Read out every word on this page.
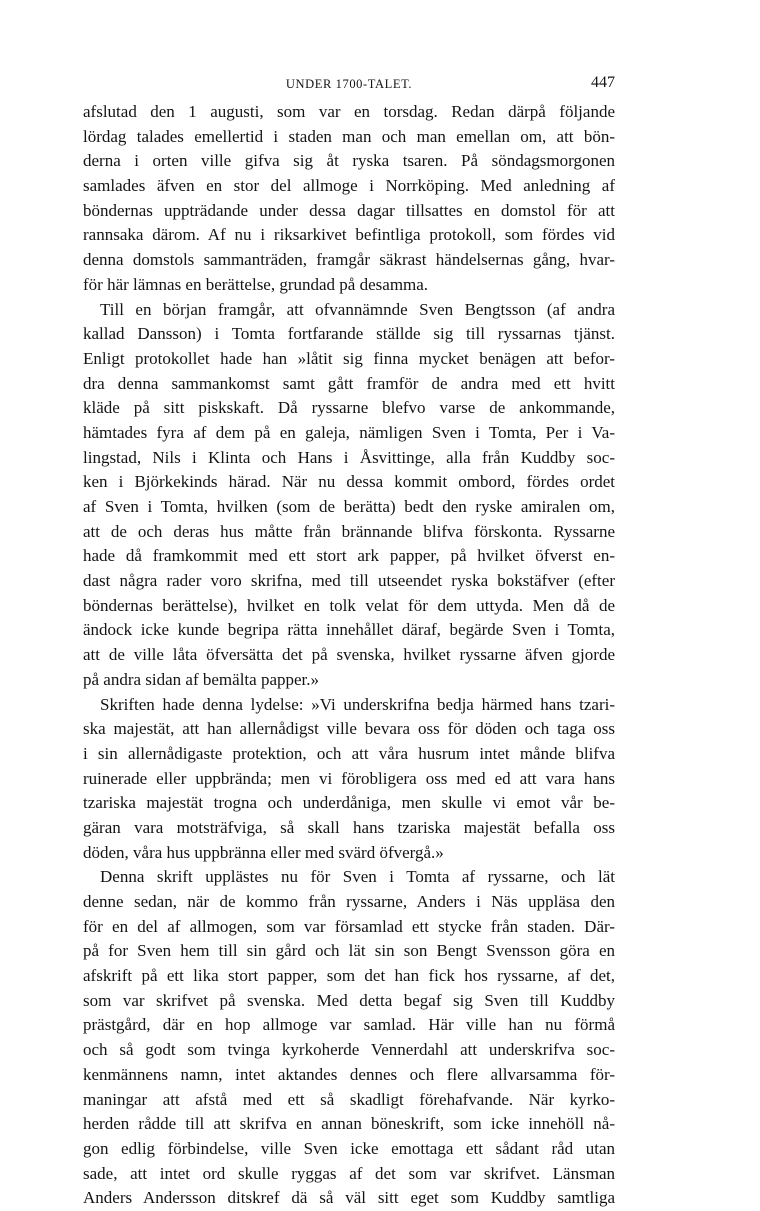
UNDER 1700-TALET.	447
afslutad den 1 augusti, som var en torsdag. Redan därpå följande
lördag talades emellertid i staden man och man emellan om, att bön-
derna i orten ville gifva sig åt ryska tsaren. På söndagsmorgonen
samlades äfven en stor del allmoge i Norrköping. Med anledning af
böndernas uppträdande under dessa dagar tillsattes en domstol för att
rannsaka därom. Af nu i riksarkivet befintliga protokoll, som fördes vid
denna domstols sammanträden, framgår säkrast händelsernas gång, hvar-
för här lämnas en berättelse, grundad på desamma.
Till en början framgår, att ofvannämnde Sven Bengtsson (af andra
kallad Dansson) i Tomta fortfarande ställde sig till ryssarnas tjänst.
Enligt protokollet hade han »låtit sig finna mycket benägen att befor-
dra denna sammankomst samt gått framför de andra med ett hvitt
kläde på sitt piskskaft. Då ryssarne blefvo varse de ankommande,
hämtades fyra af dem på en galeja, nämligen Sven i Tomta, Per i Va-
lingstad, Nils i Klinta och Hans i Åsvittinge, alla från Kuddby soc-
ken i Björkekinds härad. När nu dessa kommit ombord, fördes ordet
af Sven i Tomta, hvilken (som de berätta) bedt den ryske amiralen om,
att de och deras hus måtte från brännande blifva förskonta. Ryssarne
hade då framkommit med ett stort ark papper, på hvilket öfverst en-
dast några rader voro skrifna, med till utseendet ryska bokstäfver (efter
böndernas berättelse), hvilket en tolk velat för dem uttyda. Men då de
ändock icke kunde begripa rätta innehållet däraf, begärde Sven i Tomta,
att de ville låta öfversätta det på svenska, hvilket ryssarne äfven gjorde
på andra sidan af bemälta papper.»
Skriften hade denna lydelse: »Vi underskrifna bedja härmed hans tzari-
ska majestät, att han allernådigst ville bevara oss för döden och taga oss
i sin allernådigaste protektion, och att våra husrum intet månde blifva
ruinerade eller uppbrända; men vi förobligera oss med ed att vara hans
tzariska majestät trogna och underdåniga, men skulle vi emot vår be-
gäran vara motsträfviga, så skall hans tzariska majestät befalla oss
döden, våra hus uppbränna eller med svärd öfvergå.»
Denna skrift upplästes nu för Sven i Tomta af ryssarne, och lät
denne sedan, när de kommo från ryssarne, Anders i Näs uppläsa den
för en del af allmogen, som var församlad ett stycke från staden. Där-
på for Sven hem till sin gård och lät sin son Bengt Svensson göra en
afskrift på ett lika stort papper, som det han fick hos ryssarne, af det,
som var skrifvet på svenska. Med detta begaf sig Sven till Kuddby
prästgård, där en hop allmoge var samlad. Här ville han nu förmå
och så godt som tvinga kyrkoherde Vennerdahl att underskrifva soc-
kenmännens namn, intet aktandes dennes och flere allvarsamma för-
maningar att afstå med ett så skadligt förehafvande. När kyrko-
herden rådde till att skrifva en annan böneskrift, som icke innehöll nå-
gon edlig förbindelse, ville Sven icke emottaga ett sådant råd utan
sade, att intet ord skulle ryggas af det som var skrifvet. Länsman
Anders Andersson ditskref dä så väl sitt eget som Kuddby samtliga
